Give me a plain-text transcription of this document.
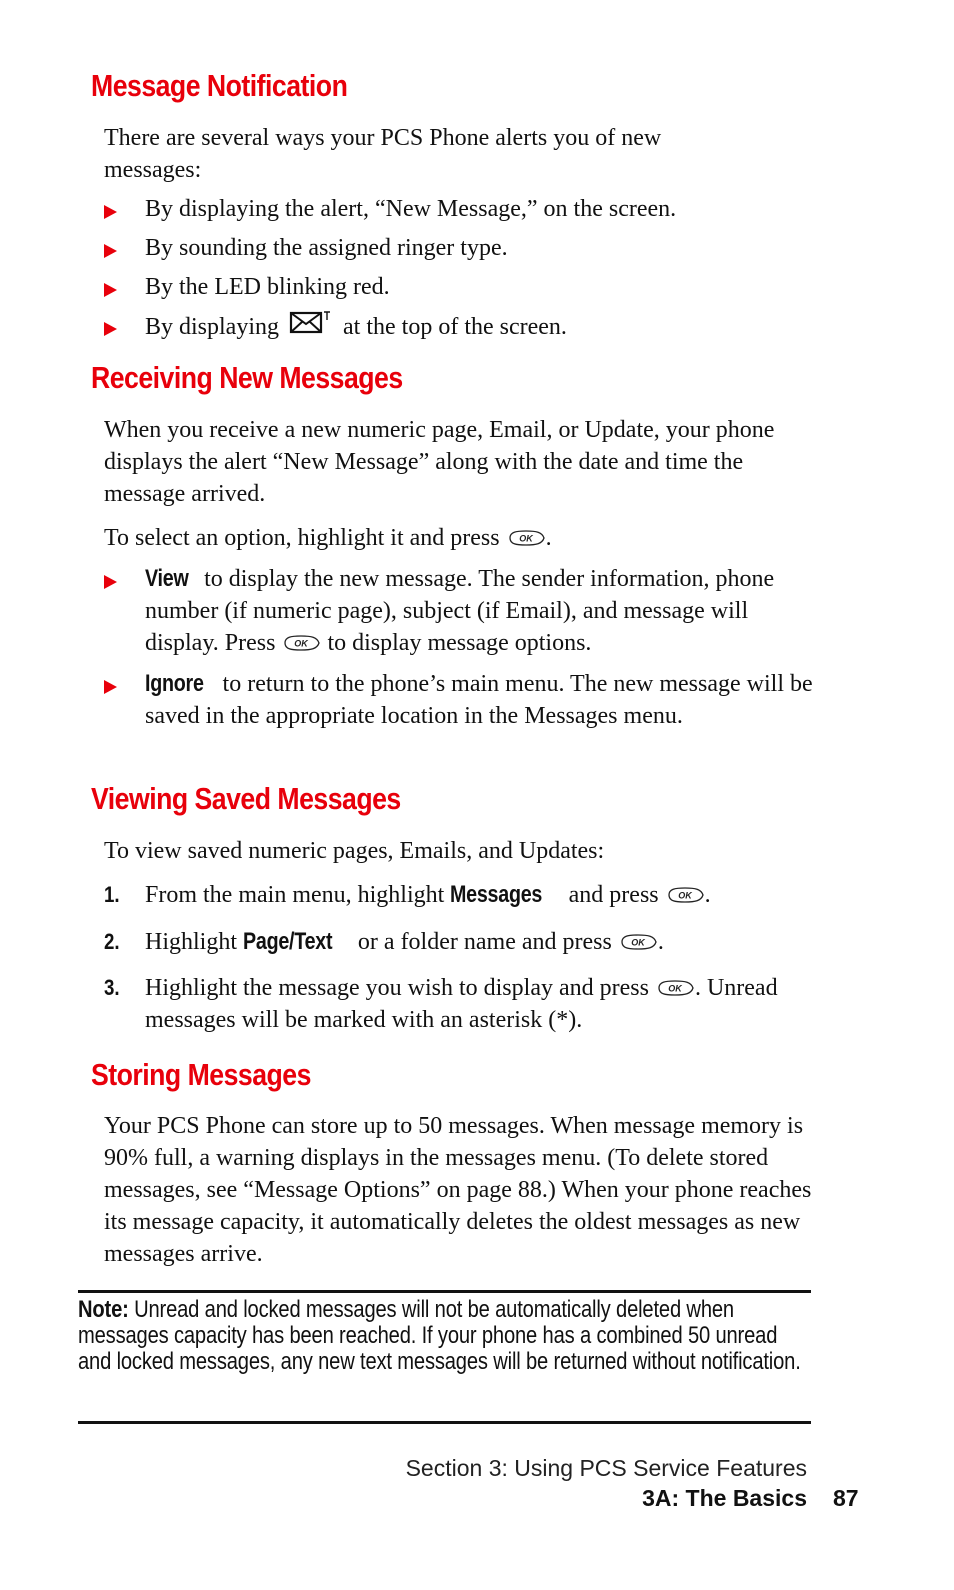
Message Notification
There are several ways your PCS Phone alerts you of new messages:
By displaying the alert, “New Message,” on the screen.
By sounding the assigned ringer type.
By the LED blinking red.
By displaying	at the top of the screen.
Receiving New Messages
When you receive a new numeric page, Email, or Update, your phone displays the alert “New Message” along with the date and time the message arrived.
To select an option, highlight it and press OK .
View to display the new message. The sender information, phone number (if numeric page), subject (if Email), and message will display. Press OK to display message options.
Ignore to return to the phone’s main menu. The new message will be saved in the appropriate location in the Messages menu.
Viewing Saved Messages
To view saved numeric pages, Emails, and Updates:
1.	From the main menu, highlight Messages and press OK .
2.	Highlight Page/Text or a folder name and press OK .
3.	Highlight the message you wish to display and press OK . Unread messages will be marked with an asterisk (*).
Storing Messages
Your PCS Phone can store up to 50 messages. When message memory is 90% full, a warning displays in the messages menu. (To delete stored messages, see “Message Options” on page 88.) When your phone reaches its message capacity, it automatically deletes the oldest messages as new messages arrive.
Note: Unread and locked messages will not be automatically deleted when messages capacity has been reached. If your phone has a combined 50 unread and locked messages, any new text messages will be returned without notification.
Section 3: Using PCS Service Features
3A: The Basics 87
